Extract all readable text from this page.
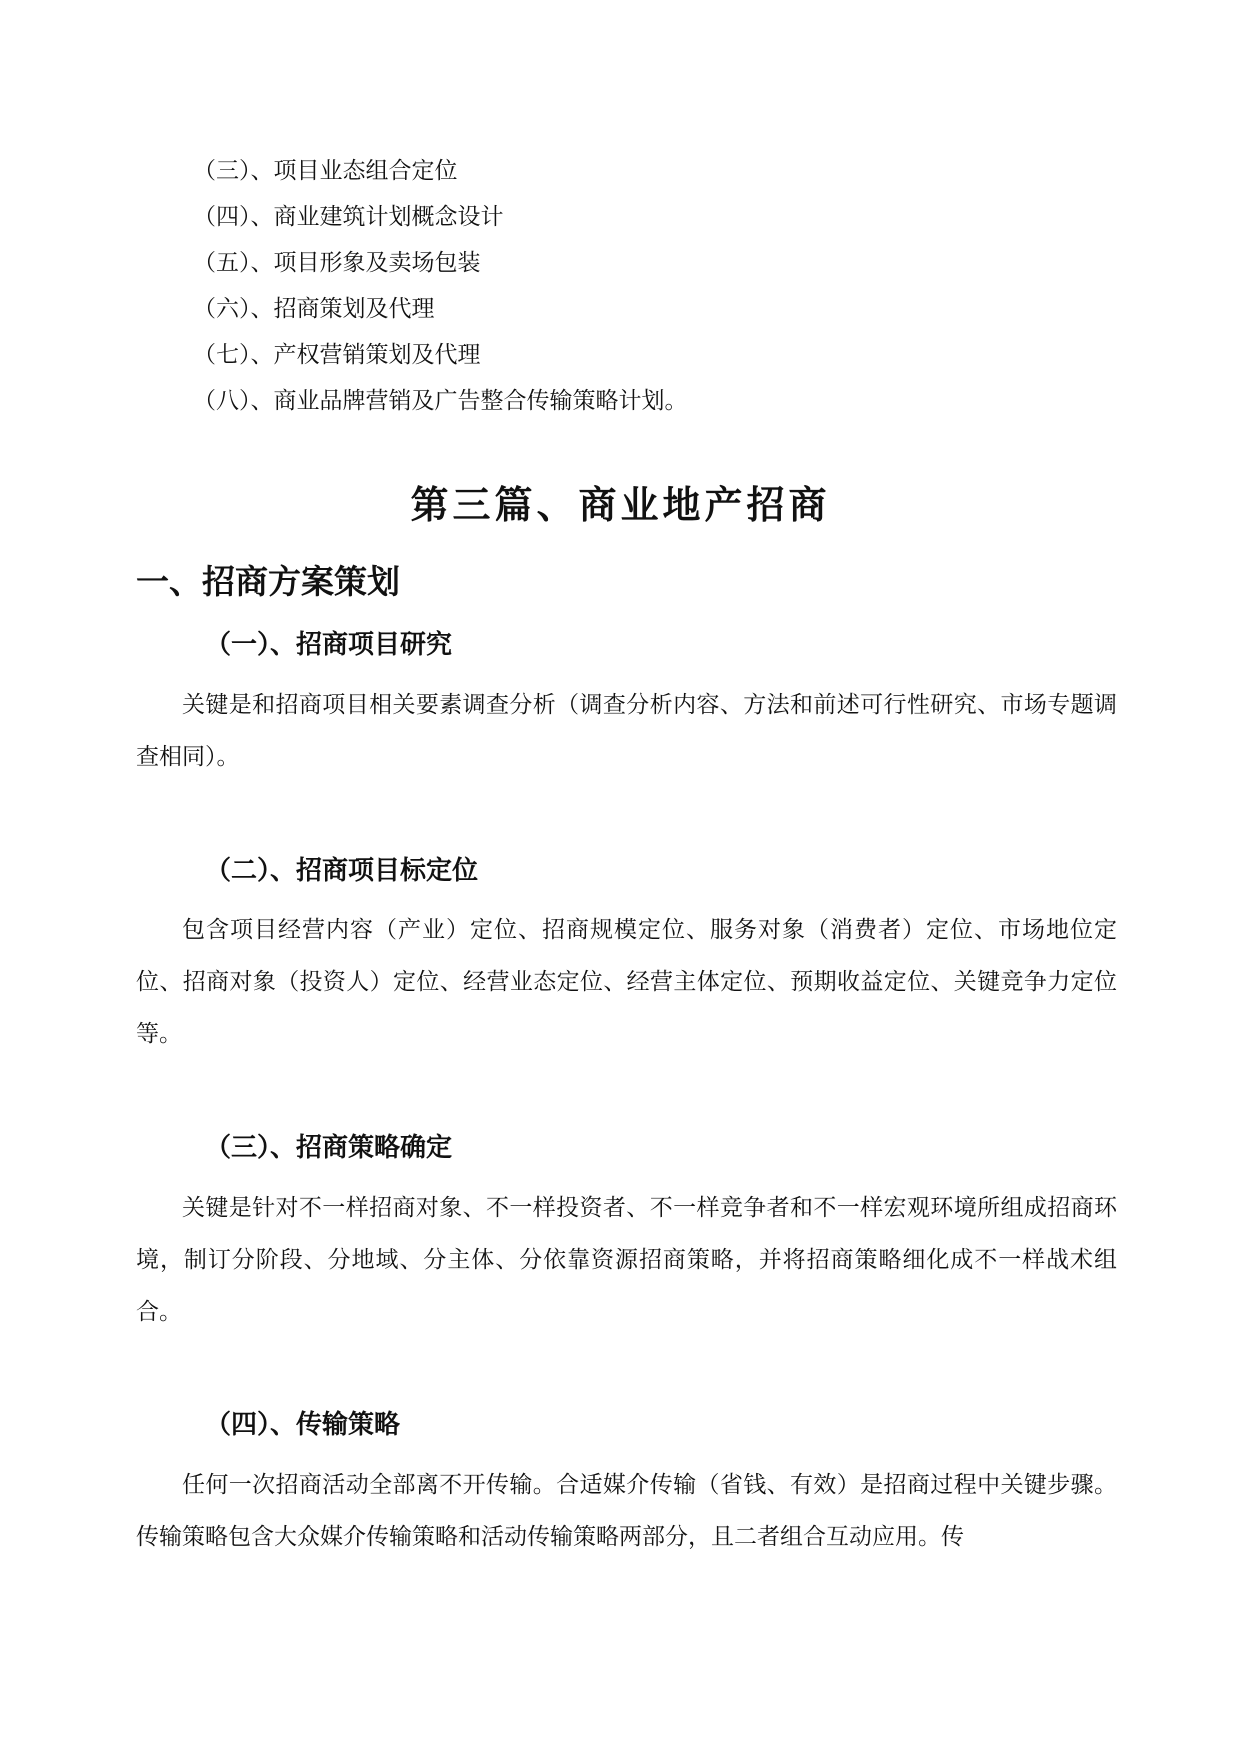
（三）、项目业态组合定位
（四）、商业建筑计划概念设计
（五）、项目形象及卖场包装
（六）、招商策划及代理
（七）、产权营销策划及代理
（八）、商业品牌营销及广告整合传输策略计划。
第三篇、商业地产招商
一、招商方案策划
（一）、招商项目研究
关键是和招商项目相关要素调查分析（调查分析内容、方法和前述可行性研究、市场专题调查相同）。
（二）、招商项目标定位
包含项目经营内容（产业）定位、招商规模定位、服务对象（消费者）定位、市场地位定位、招商对象（投资人）定位、经营业态定位、经营主体定位、预期收益定位、关键竞争力定位等。
（三）、招商策略确定
关键是针对不一样招商对象、不一样投资者、不一样竞争者和不一样宏观环境所组成招商环境，制订分阶段、分地域、分主体、分依靠资源招商策略，并将招商策略细化成不一样战术组合。
（四）、传输策略
任何一次招商活动全部离不开传输。合适媒介传输（省钱、有效）是招商过程中关键步骤。传输策略包含大众媒介传输策略和活动传输策略两部分，且二者组合互动应用。传
